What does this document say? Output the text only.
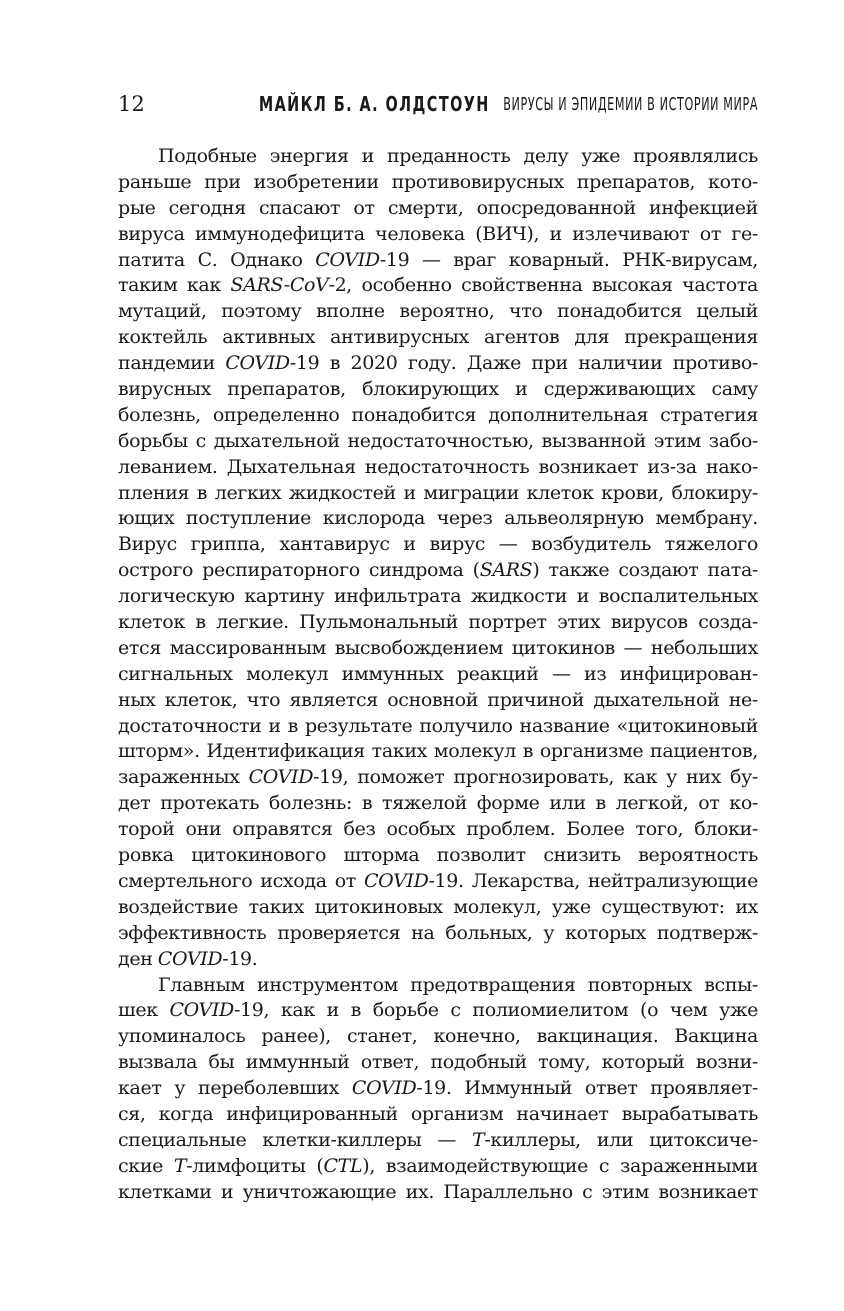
12	МАЙКЛ Б. А. ОЛДСТОУН ВИРУСЫ И ЭПИДЕМИИ В ИСТОРИИ МИРА
Подобные энергия и преданность делу уже проявлялись
раньше при изобретении противовирусных препаратов, кото-
рые сегодня спасают от смерти, опосредованной инфекцией
вируса иммунодефицита человека (ВИЧ), и излечивают от ге-
патита С. Однако COVID-19 — враг коварный. РНК-вирусам,
таким как SARS-CoV-2, особенно свойственна высокая частота
мутаций, поэтому вполне вероятно, что понадобится целый
коктейль активных антивирусных агентов для прекращения
пандемии COVID-19 в 2020 году. Даже при наличии противо-
вирусных препаратов, блокирующих и сдерживающих саму
болезнь, определенно понадобится дополнительная стратегия
борьбы с дыхательной недостаточностью, вызванной этим забо-
леванием. Дыхательная недостаточность возникает из-за нако-
пления в легких жидкостей и миграции клеток крови, блокиру-
ющих поступление кислорода через альвеолярную мембрану.
Вирус гриппа, хантавирус и вирус — возбудитель тяжелого
острого респираторного синдрома (SARS) также создают пата-
логическую картину инфильтрата жидкости и воспалительных
клеток в легкие. Пульмональный портрет этих вирусов созда-
ется массированным высвобождением цитокинов — небольших
сигнальных молекул иммунных реакций — из инфицирован-
ных клеток, что является основной причиной дыхательной не-
достаточности и в результате получило название «цитокиновый
шторм». Идентификация таких молекул в организме пациентов,
зараженных COVID-19, поможет прогнозировать, как у них бу-
дет протекать болезнь: в тяжелой форме или в легкой, от ко-
торой они оправятся без особых проблем. Более того, блоки-
ровка цитокинового шторма позволит снизить вероятность
смертельного исхода от COVID-19. Лекарства, нейтрализующие
воздействие таких цитокиновых молекул, уже существуют: их
эффективность проверяется на больных, у которых подтверж-
ден COVID-19.
Главным инструментом предотвращения повторных вспы-
шек COVID-19, как и в борьбе с полиомиелитом (о чем уже
упоминалось ранее), станет, конечно, вакцинация. Вакцина
вызвала бы иммунный ответ, подобный тому, который возни-
кает у переболевших COVID-19. Иммунный ответ проявляет-
ся, когда инфицированный организм начинает вырабатывать
специальные клетки-киллеры — Т-киллеры, или цитоксиче-
ские Т-лимфоциты (CTL), взаимодействующие с зараженными
клетками и уничтожающие их. Параллельно с этим возникает
